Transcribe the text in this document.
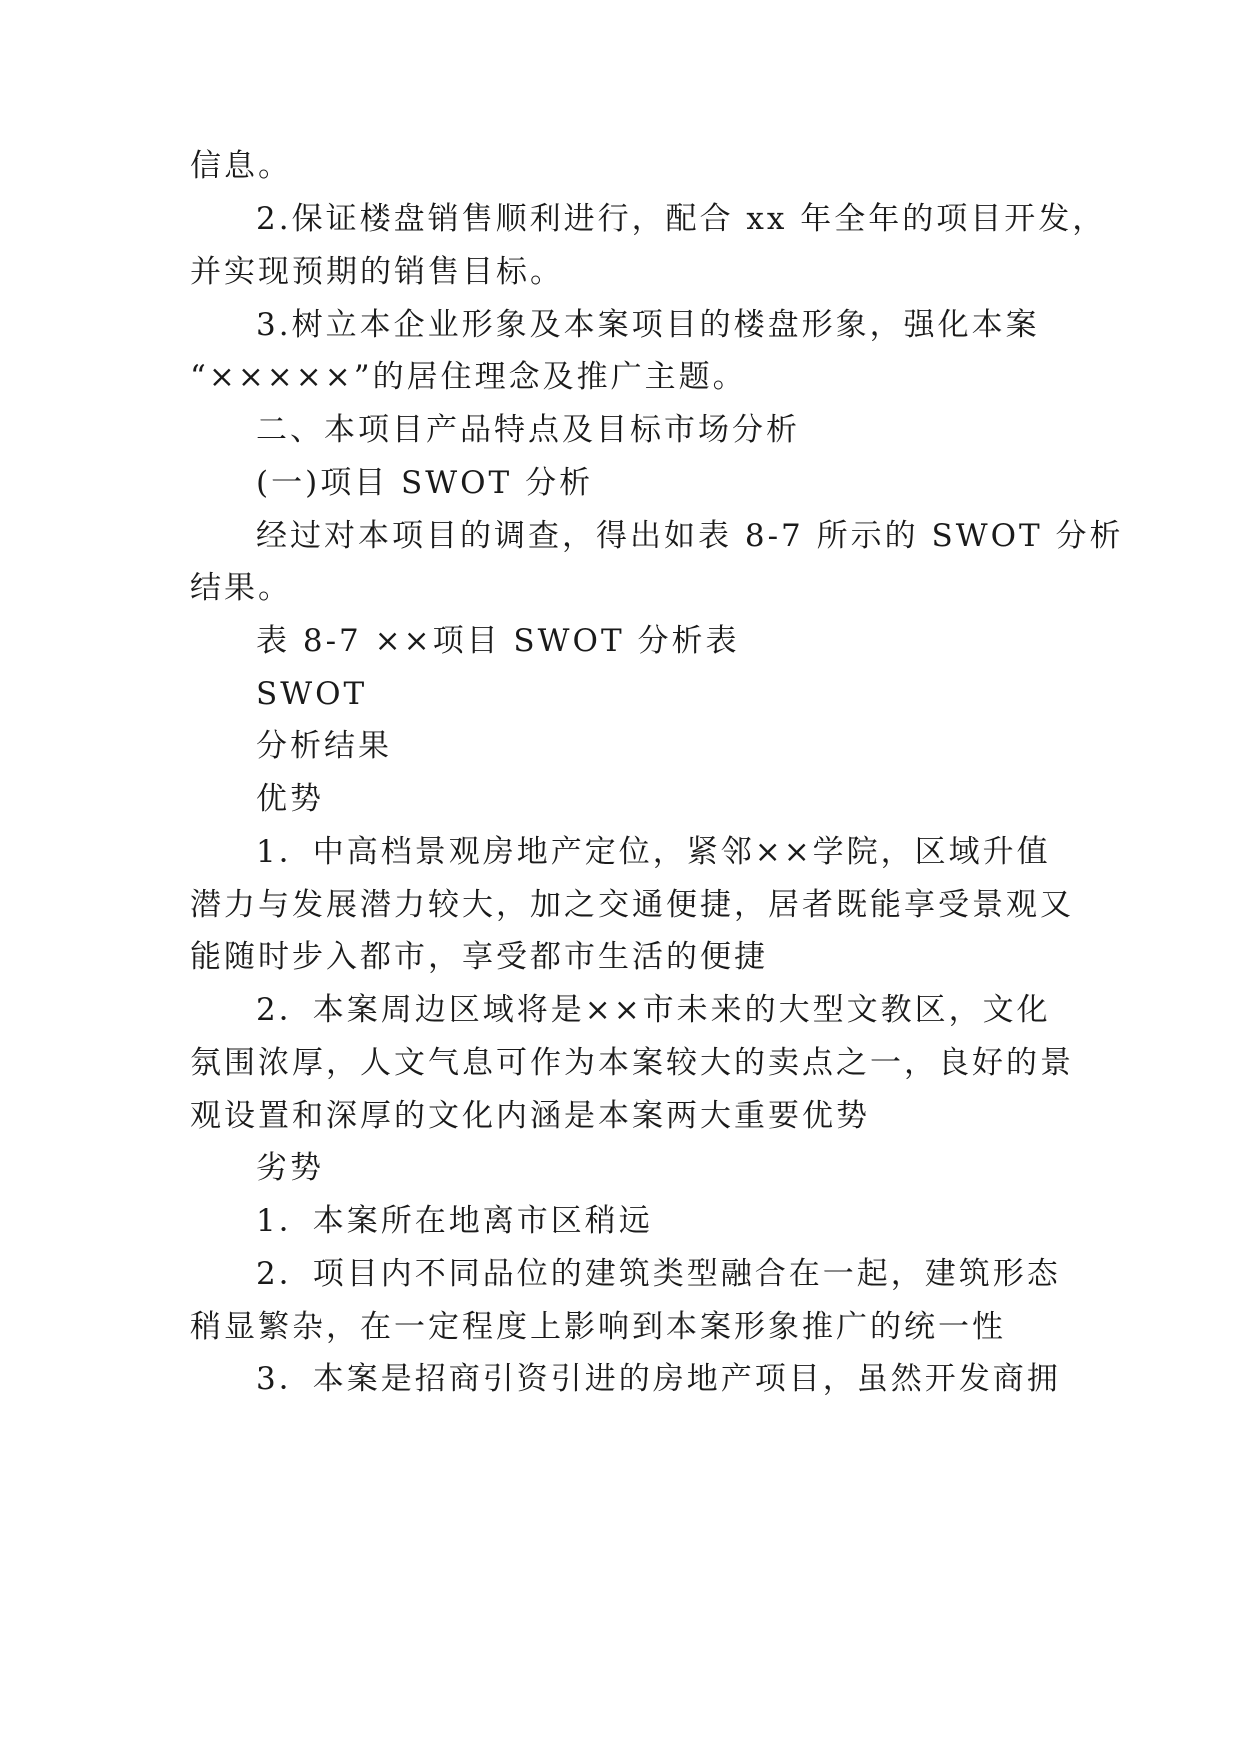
信息。
2.保证楼盘销售顺利进行，配合 xx 年全年的项目开发，
并实现预期的销售目标。
3.树立本企业形象及本案项目的楼盘形象，强化本案
“×××××”的居住理念及推广主题。
二、本项目产品特点及目标市场分析
(一)项目 SWOT 分析
经过对本项目的调查，得出如表 8-7 所示的 SWOT 分析
结果。
表 8-7 ××项目 SWOT 分析表
SWOT
分析结果
优势
1．中高档景观房地产定位，紧邻××学院，区域升值
潜力与发展潜力较大，加之交通便捷，居者既能享受景观又
能随时步入都市，享受都市生活的便捷
2．本案周边区域将是××市未来的大型文教区，文化
氛围浓厚，人文气息可作为本案较大的卖点之一，良好的景
观设置和深厚的文化内涵是本案两大重要优势
劣势
1．本案所在地离市区稍远
2．项目内不同品位的建筑类型融合在一起，建筑形态
稍显繁杂，在一定程度上影响到本案形象推广的统一性
3．本案是招商引资引进的房地产项目，虽然开发商拥
